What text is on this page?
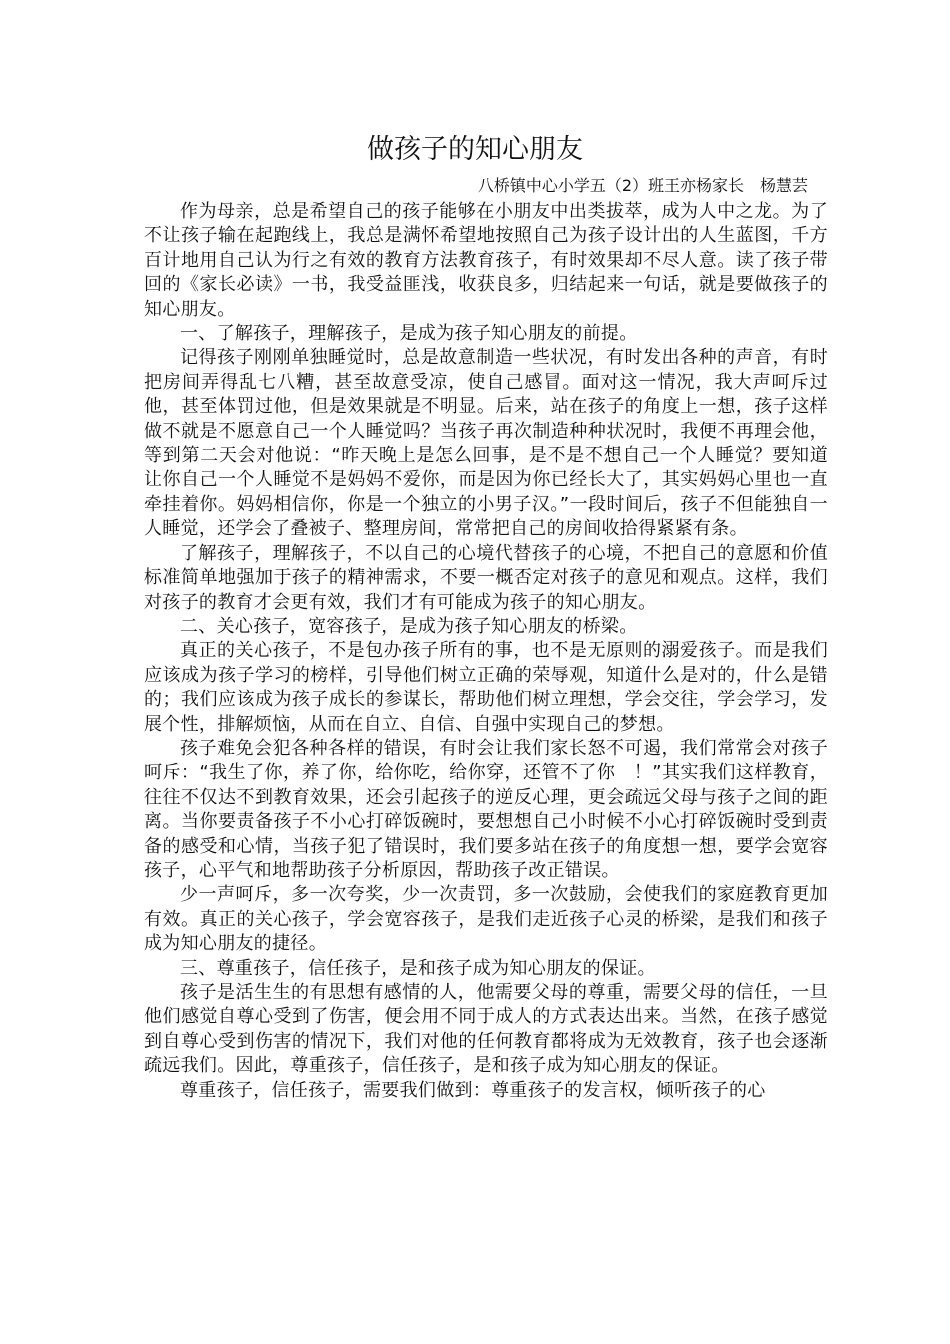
做孩子的知心朋友

八桥镇中心小学五（2）班王亦杨家长　杨慧芸

作为母亲，总是希望自己的孩子能够在小朋友中出类拔萃，成为人中之龙。为了不让孩子输在起跑线上，我总是满怀希望地按照自己为孩子设计出的人生蓝图，千方百计地用自己认为行之有效的教育方法教育孩子，有时效果却不尽人意。读了孩子带回的《家长必读》一书，我受益匪浅，收获良多，归结起来一句话，就是要做孩子的知心朋友。

一、了解孩子，理解孩子，是成为孩子知心朋友的前提。

记得孩子刚刚单独睡觉时，总是故意制造一些状况，有时发出各种的声音，有时把房间弄得乱七八糟，甚至故意受凉，使自己感冒。面对这一情况，我大声呵斥过他，甚至体罚过他，但是效果就是不明显。后来，站在孩子的角度上一想，孩子这样做不就是不愿意自己一个人睡觉吗？当孩子再次制造种种状况时，我便不再理会他，等到第二天会对他说：“昨天晚上是怎么回事，是不是不想自己一个人睡觉？要知道让你自己一个人睡觉不是妈妈不爱你，而是因为你已经长大了，其实妈妈心里也一直牵挂着你。妈妈相信你，你是一个独立的小男子汉。”一段时间后，孩子不但能独自一人睡觉，还学会了叠被子、整理房间，常常把自己的房间收拾得紧紧有条。

了解孩子，理解孩子，不以自己的心境代替孩子的心境，不把自己的意愿和价值标准简单地强加于孩子的精神需求，不要一概否定对孩子的意见和观点。这样，我们对孩子的教育才会更有效，我们才有可能成为孩子的知心朋友。

二、关心孩子，宽容孩子，是成为孩子知心朋友的桥梁。

真正的关心孩子，不是包办孩子所有的事，也不是无原则的溺爱孩子。而是我们应该成为孩子学习的榜样，引导他们树立正确的荣辱观，知道什么是对的，什么是错的；我们应该成为孩子成长的参谋长，帮助他们树立理想，学会交往，学会学习，发展个性，排解烦恼，从而在自立、自信、自强中实现自己的梦想。

孩子难免会犯各种各样的错误，有时会让我们家长怒不可遏，我们常常会对孩子呵斥：“我生了你，养了你，给你吃，给你穿，还管不了你　！”其实我们这样教育，往往不仅达不到教育效果，还会引起孩子的逆反心理，更会疏远父母与孩子之间的距离。当你要责备孩子不小心打碎饭碗时，要想想自己小时候不小心打碎饭碗时受到责备的感受和心情，当孩子犯了错误时，我们要多站在孩子的角度想一想，要学会宽容孩子，心平气和地帮助孩子分析原因，帮助孩子改正错误。

少一声呵斥，多一次夸奖，少一次责罚，多一次鼓励，会使我们的家庭教育更加有效。真正的关心孩子，学会宽容孩子，是我们走近孩子心灵的桥梁，是我们和孩子成为知心朋友的捷径。

三、尊重孩子，信任孩子，是和孩子成为知心朋友的保证。

孩子是活生生的有思想有感情的人，他需要父母的尊重，需要父母的信任，一旦他们感觉自尊心受到了伤害，便会用不同于成人的方式表达出来。当然，在孩子感觉到自尊心受到伤害的情况下，我们对他的任何教育都将成为无效教育，孩子也会逐渐疏远我们。因此，尊重孩子，信任孩子，是和孩子成为知心朋友的保证。

尊重孩子，信任孩子，需要我们做到：尊重孩子的发言权，倾听孩子的心
